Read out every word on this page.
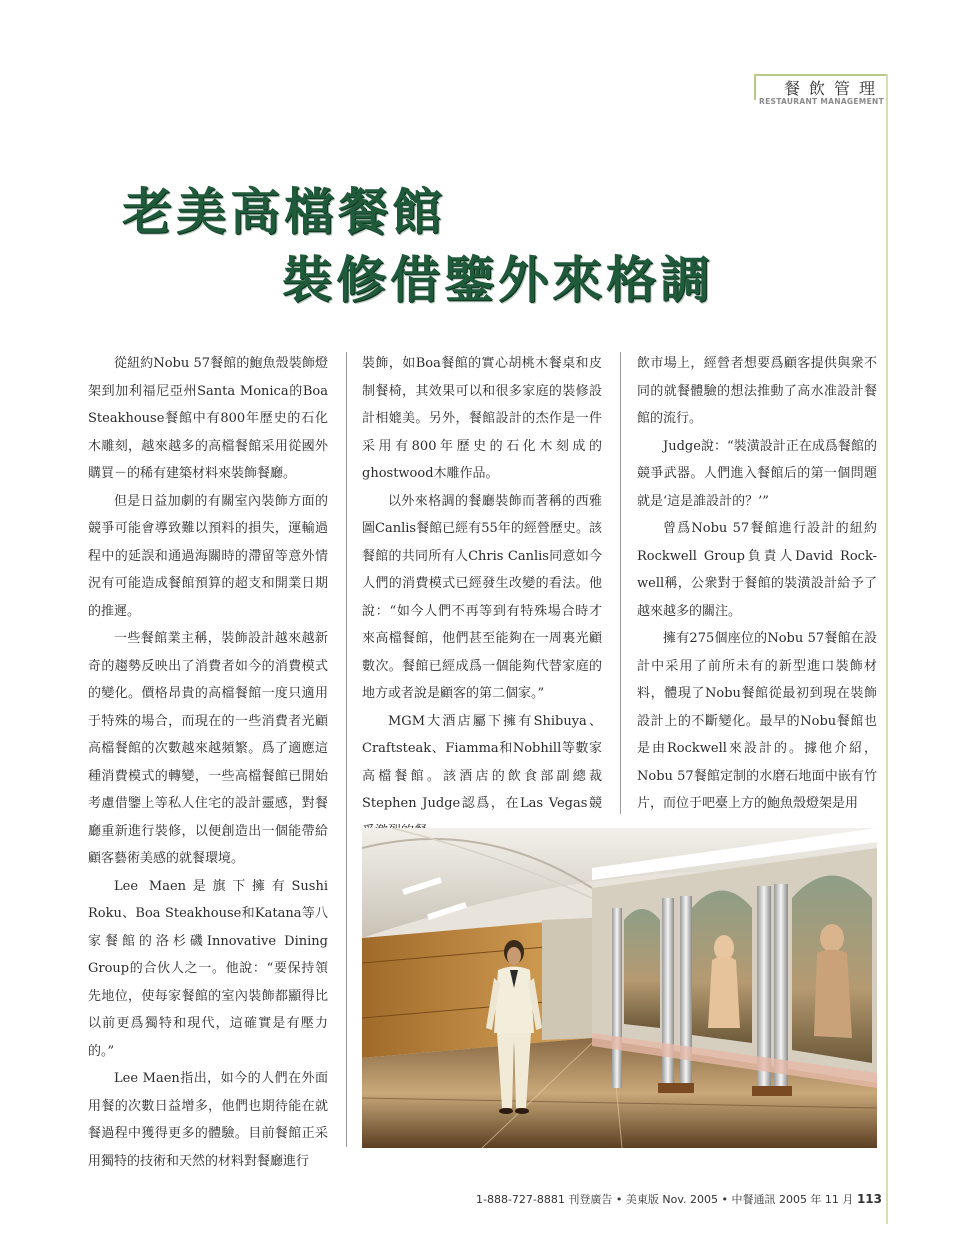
餐飲管理
RESTAURANT MANAGEMENT
老美高檔餐館
裝修借鑒外來格調

從紐約Nobu 57餐館的鮑魚殼裝飾燈架到加利福尼亞州Santa Monica的Boa Steakhouse餐館中有800年歷史的石化木雕刻，越來越多的高檔餐館采用從國外購買－的稀有建築材料來裝飾餐廳。

但是日益加劇的有關室內裝飾方面的競爭可能會導致難以預料的損失，運輸過程中的延誤和通過海關時的滯留等意外情況有可能造成餐館預算的超支和開業日期的推遲。

一些餐館業主稱，裝飾設計越來越新奇的趨勢反映出了消費者如今的消費模式的變化。價格昂貴的高檔餐館一度只適用于特殊的場合，而現在的一些消費者光顧高檔餐館的次數越來越頻繁。爲了適應這種消費模式的轉變，一些高檔餐館已開始考慮借鑒上等私人住宅的設計靈感，對餐廳重新進行裝修，以便創造出一個能帶給顧客藝術美感的就餐環境。

Lee Maen是旗下擁有Sushi Roku、Boa Steakhouse和Katana等八家餐館的洛杉磯Innovative Dining Group的合伙人之一。他說：“要保持領先地位，使每家餐館的室內裝飾都顯得比以前更爲獨特和現代，這確實是有壓力的。”

Lee Maen指出，如今的人們在外面用餐的次數日益增多，他們也期待能在就餐過程中獲得更多的體驗。目前餐館正采用獨特的技術和天然的材料對餐廳進行

裝飾，如Boa餐館的實心胡桃木餐桌和皮制餐椅，其效果可以和很多家庭的裝修設計相媲美。另外，餐館設計的杰作是一件采用有800年歷史的石化木刻成的ghostwood木雕作品。

以外來格調的餐廳裝飾而著稱的西雅圖Canlis餐館已經有55年的經營歷史。該餐館的共同所有人Chris Canlis同意如今人們的消費模式已經發生改變的看法。他說：“如今人們不再等到有特殊場合時才來高檔餐館，他們甚至能夠在一周裏光顧數次。餐館已經成爲一個能夠代替家庭的地方或者說是顧客的第二個家。”

MGM大酒店屬下擁有Shibuya、Craftsteak、Fiamma和Nobhill等數家高檔餐館。該酒店的飲食部副總裁Stephen Judge認爲，在Las Vegas競

飲市場上，經營者想要爲顧客提供與衆不同的就餐體驗的想法推動了高水准設計餐館的流行。

Judge說：“裝潢設計正在成爲餐館的競爭武器。人們進入餐館后的第一個問題就是‘這是誰設計的？’”

曾爲Nobu 57餐館進行設計的紐約Rockwell Group負責人David Rock-well稱，公衆對于餐館的裝潢設計給予了越來越多的關注。

擁有275個座位的Nobu 57餐館在設計中采用了前所未有的新型進口裝飾材料，體現了Nobu餐館從最初到現在裝飾設計上的不斷變化。最早的Nobu餐館也是由Rockwell來設計的。據他介紹，Nobu 57餐館定制的水磨石地面中嵌有竹片，而位于吧臺上方的鮑魚殼燈架是用

1-888-727-8881 刊登廣告 • 美東版 Nov. 2005 • 中餐通訊 2005 年 11 月 113
